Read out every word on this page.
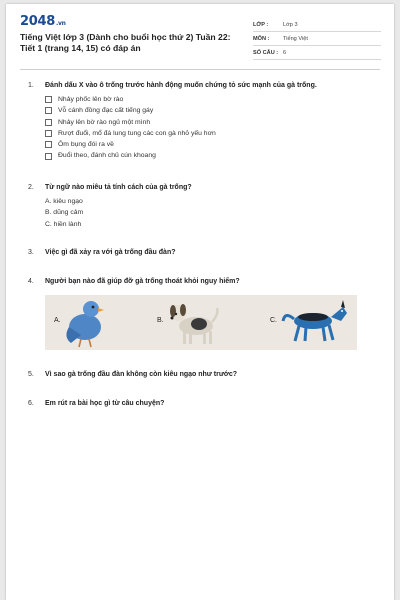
2048.vn
Tiếng Việt lớp 3 (Dành cho buổi học thứ 2) Tuần 22: Tiết 1 (trang 14, 15) có đáp án
LỚP :	Lớp 3
MÔN :	Tiếng Việt
SỐ CÂU : 6
1. Đánh dấu X vào ô trống trước hành động muốn chứng tỏ sức mạnh của gà trống.
Nhảy phốc lên bờ rào
Vỗ cánh đồng đạc cất tiếng gáy
Nhảy lên bờ rào ngủ một mình
Rượt đuổi, mổ đá lung tung các con gà nhỏ yếu hơn
Ôm bụng đói ra về
Đuổi theo, đánh chủ cún khoang
2. Từ ngữ nào miêu tả tính cách của gà trống?
A. kiêu ngạo
B. dũng cảm
C. hiền lành
3. Việc gì đã xảy ra với gà trống đầu đàn?
4. Người bạn nào đã giúp đỡ gà trống thoát khỏi nguy hiểm?
A.	B.	C.
5. Vì sao gà trống đầu đàn không còn kiêu ngạo như trước?
6. Em rút ra bài học gì từ câu chuyện?
